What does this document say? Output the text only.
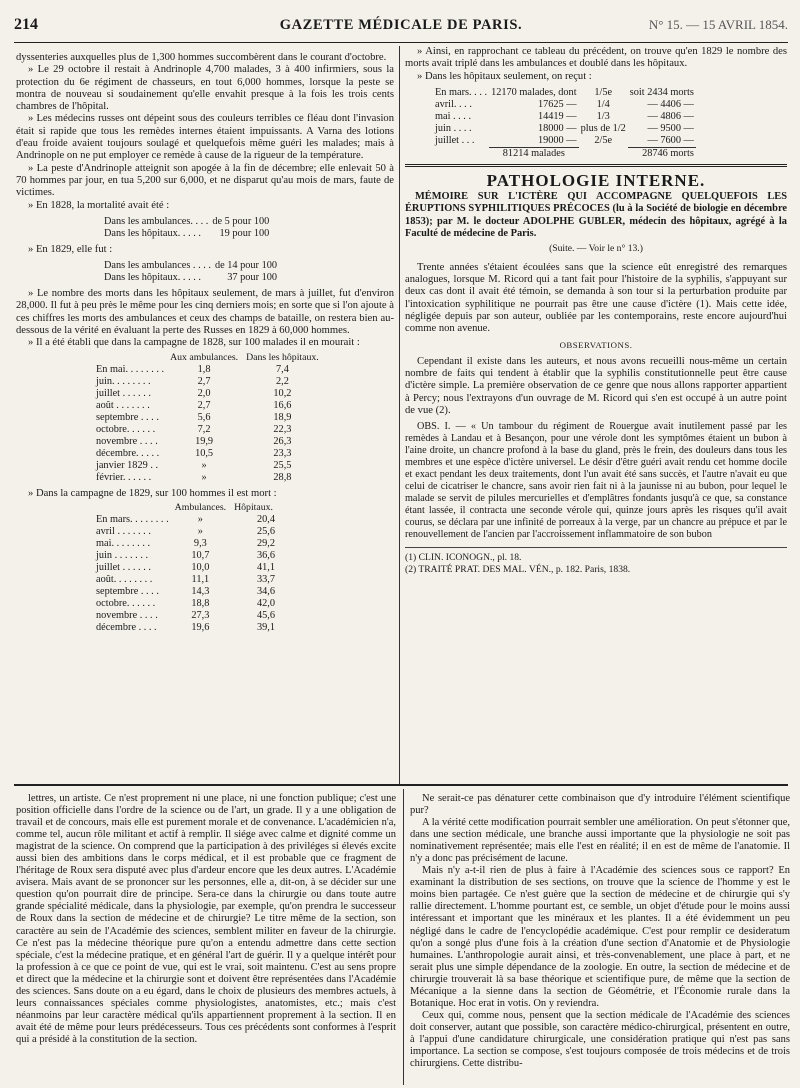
214	GAZETTE MÉDICALE DE PARIS.	N° 15. — 15 AVRIL 1854.

dyssenteries auxquelles plus de 1,300 hommes succombèrent dans le courant d'octobre.

» Le 29 octobre il restait à Andrinople 4,700 malades, 3 à 400 infirmiers, sous la protection du 6e régiment de chasseurs, en tout 6,000 hommes, lorsque la peste se montra de nouveau si soudainement qu'elle envahit presque à la fois les trois cents chambres de l'hôpital.

» Les médecins russes ont dépeint sous des couleurs terribles ce fléau dont l'invasion était si rapide que tous les remèdes internes étaient impuissants. A Varna des lotions d'eau froide avaient toujours soulagé et quelquefois même guéri les malades; mais à Andrinople on ne put employer ce remède à cause de la rigueur de la température.

» La peste d'Andrinople atteignit son apogée à la fin de décembre; elle enlevait 50 à 70 hommes par jour, en tua 5,200 sur 6,000, et ne disparut qu'au mois de mars, faute de victimes.

» En 1828, la mortalité avait été :

Dans les ambulances. . . .	de 5 pour 100
Dans les hôpitaux. . . . .	19 pour 100

» En 1829, elle fut :

Dans les ambulances . . . .	de 14 pour 100
Dans les hôpitaux. . . . .	37 pour 100

» Le nombre des morts dans les hôpitaux seulement, de mars à juillet, fut d'environ 28,000. Il fut à peu près le même pour les cinq derniers mois; en sorte que si l'on ajoute à ces chiffres les morts des ambulances et ceux des champs de bataille, on restera bien au-dessous de la vérité en évaluant la perte des Russes en 1829 à 60,000 hommes.

» Il a été établi que dans la campagne de 1828, sur 100 malades il en mourait :

	Aux ambulances.	Dans les hôpitaux.
En mai. . . . . . . .	1,8	7,4
juin. . . . . . . .	2,7	2,2
juillet . . . . . .	2,0	10,2
août . . . . . . .	2,7	16,6
septembre . . . .	5,6	18,9
octobre. . . . . .	7,2	22,3
novembre . . . .	19,9	26,3
décembre. . . . .	10,5	23,3
janvier 1829 . .	»	25,5
février. . . . . .	»	28,8

» Dans la campagne de 1829, sur 100 hommes il est mort :

	Ambulances.	Hôpitaux.
En mars. . . . . . . .	»	20,4
avril . . . . . . .	»	25,6
mai. . . . . . . .	9,3	29,2
juin . . . . . . .	10,7	36,6
juillet . . . . . .	10,0	41,1
août. . . . . . . .	11,1	33,7
septembre . . . .	14,3	34,6
octobre. . . . . .	18,8	42,0
novembre . . . .	27,3	45,6
décembre . . . .	19,6	39,1

» Ainsi, en rapprochant ce tableau du précédent, on trouve qu'en 1829 le nombre des morts avait triplé dans les ambulances et doublé dans les hôpitaux.

» Dans les hôpitaux seulement, on reçut :

En mars. . . .	12170 malades, dont	1/5e	soit 2434 morts
avril. . . .	17625 —	1/4	— 4406 —
mai . . . .	14419 —	1/3	— 4806 —
juin . . . .	18000 —	plus de 1/2	— 9500 —
juillet . . .	19000 —	2/5e	— 7600 —
	81214 malades		28746 morts
PATHOLOGIE INTERNE.

MÉMOIRE SUR L'ICTÈRE QUI ACCOMPAGNE QUELQUEFOIS LES ÉRUPTIONS SYPHILITIQUES PRÉCOCES (lu à la Société de biologie en décembre 1853); par M. le docteur ADOLPHE GUBLER, médecin des hôpitaux, agrégé à la Faculté de médecine de Paris.

(Suite. — Voir le n° 13.)

Trente années s'étaient écoulées sans que la science eût enregistré des remarques analogues, lorsque M. Ricord qui a tant fait pour l'histoire de la syphilis, s'appuyant sur deux cas dont il avait été témoin, se demanda à son tour si la perturbation produite par l'intoxication syphilitique ne pourrait pas être une cause d'ictère (1). Mais cette idée, négligée depuis par son auteur, oubliée par les contemporains, reste encore aujourd'hui comme non avenue.

OBSERVATIONS.

Cependant il existe dans les auteurs, et nous avons recueilli nous-même un certain nombre de faits qui tendent à établir que la syphilis constitutionnelle peut être cause d'ictère simple. La première observation de ce genre que nous allons rapporter appartient à Percy; nous l'extrayons d'un ouvrage de M. Ricord qui s'en est occupé à un autre point de vue (2).

OBS. I. — « Un tambour du régiment de Rouergue avait inutilement passé par les remèdes à Landau et à Besançon, pour une vérole dont les symptômes étaient un bubon à l'aine droite, un chancre profond à la base du gland, près le frein, des douleurs dans tous les membres et une espèce d'ictère universel. Le désir d'être guéri avait rendu cet homme docile et exact pendant les deux traitements, dont l'un avait été sans succès, et l'autre n'avait eu que celui de cicatriser le chancre, sans avoir rien fait ni à la jaunisse ni au bubon, pour lequel le malade se servit de pilules mercurielles et d'emplâtres fondants jusqu'à ce que, sa constance étant lassée, il contracta une seconde vérole qui, quinze jours après les risques qu'il avait courus, se déclara par une infinité de porreaux à la verge, par un chancre au prépuce et par le renouvellement de l'ancien par l'accroissement inflammatoire de son bubon

(1) CLIN. ICONOGN., pl. 18.
(2) TRAITÉ PRAT. DES MAL. VÉN., p. 182. Paris, 1838.

lettres, un artiste. Ce n'est proprement ni une place, ni une fonction publique; c'est une position officielle dans l'ordre de la science ou de l'art, un grade. Il y a une obligation de travail et de concours, mais elle est purement morale et de convenance. L'académicien n'a, comme tel, aucun rôle militant et actif à remplir. Il siége avec calme et dignité comme un magistrat de la science. On comprend que la participation à des priviléges si élevés excite aussi bien des ambitions dans le corps médical, et il est probable que ce fragment de l'héritage de Roux sera disputé avec plus d'ardeur encore que les deux autres. L'Académie avisera. Mais avant de se prononcer sur les personnes, elle a, dit-on, à se décider sur une question qu'on pourrait dire de principe. Sera-ce dans la chirurgie ou dans toute autre grande spécialité médicale, dans la physiologie, par exemple, qu'on prendra le successeur de Roux dans la section de médecine et de chirurgie? Le titre même de la section, son caractère au sein de l'Académie des sciences, semblent militer en faveur de la chirurgie. Ce n'est pas la médecine théorique pure qu'on a entendu admettre dans cette section spéciale, c'est la médecine pratique, et en général l'art de guérir. Il y a quelque intérêt pour la profession à ce que ce point de vue, qui est le vrai, soit maintenu. C'est au sens propre et direct que la médecine et la chirurgie sont et doivent être représentées dans l'Académie des sciences. Sans doute on a eu égard, dans le choix de plusieurs des membres actuels, à leurs connaissances spéciales comme physiologistes, anatomistes, etc.; mais c'est néanmoins par leur caractère médical qu'ils appartiennent proprement à la section. Il en avait été de même pour leurs prédécesseurs. Tous ces précédents sont conformes à l'esprit qui a présidé à la constitution de la section.

Ne serait-ce pas dénaturer cette combinaison que d'y introduire l'élément scientifique pur?

A la vérité cette modification pourrait sembler une amélioration. On peut s'étonner que, dans une section médicale, une branche aussi importante que la physiologie ne soit pas nominativement représentée; mais elle l'est en réalité; il en est de même de l'anatomie. Il n'y a donc pas précisément de lacune.

Mais n'y a-t-il rien de plus à faire à l'Académie des sciences sous ce rapport? En examinant la distribution de ses sections, on trouve que la science de l'homme y est le moins bien partagée. Ce n'est guère que la section de médecine et de chirurgie qui s'y rallie directement. L'homme pourtant est, ce semble, un objet d'étude pour le moins aussi intéressant et important que les minéraux et les plantes. Il a été évidemment un peu négligé dans le cadre de l'encyclopédie académique. C'est pour remplir ce desideratum qu'on a songé plus d'une fois à la création d'une section d'Anatomie et de Physiologie humaines. L'anthropologie aurait ainsi, et très-convenablement, une place à part, et ne serait plus une simple dépendance de la zoologie. En outre, la section de médecine et de chirurgie trouverait là sa base théorique et scientifique pure, de même que la section de Mécanique a la sienne dans la section de Géométrie, et l'Économie rurale dans la Botanique. Hoc erat in votis. On y reviendra.

Ceux qui, comme nous, pensent que la section médicale de l'Académie des sciences doit conserver, autant que possible, son caractère médico-chirurgical, présentent en outre, à l'appui d'une candidature chirurgicale, une considération pratique qui n'est pas sans importance. La section se compose, s'est toujours composée de trois médecins et de trois chirurgiens. Cette distribu-
